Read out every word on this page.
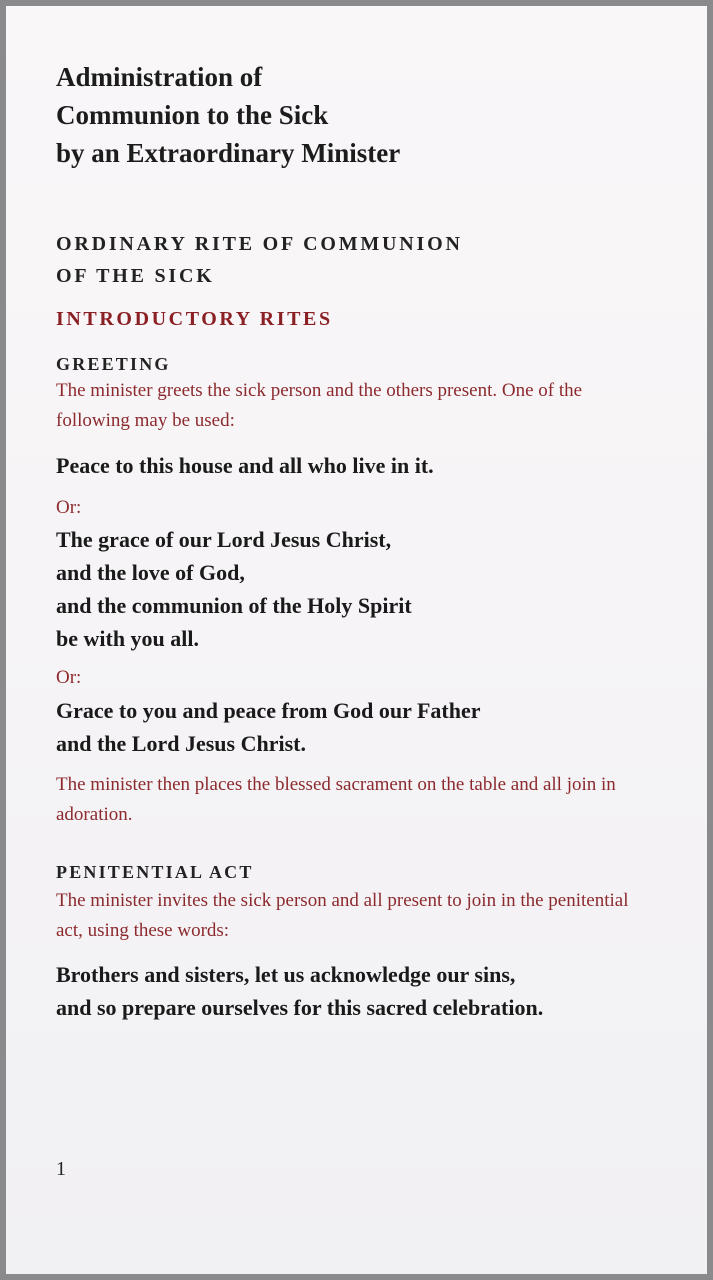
Administration of
Communion to the Sick
by an Extraordinary Minister
ORDINARY RITE OF COMMUNION
OF THE SICK
INTRODUCTORY RITES
GREETING

The minister greets the sick person and the others present. One of the following may be used:

Peace to this house and all who live in it.

Or:

The grace of our Lord Jesus Christ,
and the love of God,
and the communion of the Holy Spirit
be with you all.

Or:

Grace to you and peace from God our Father
and the Lord Jesus Christ.

The minister then places the blessed sacrament on the table and all join in adoration.

PENITENTIAL ACT

The minister invites the sick person and all present to join in the penitential act, using these words:

Brothers and sisters, let us acknowledge our sins,
and so prepare ourselves for this sacred celebration.

1
